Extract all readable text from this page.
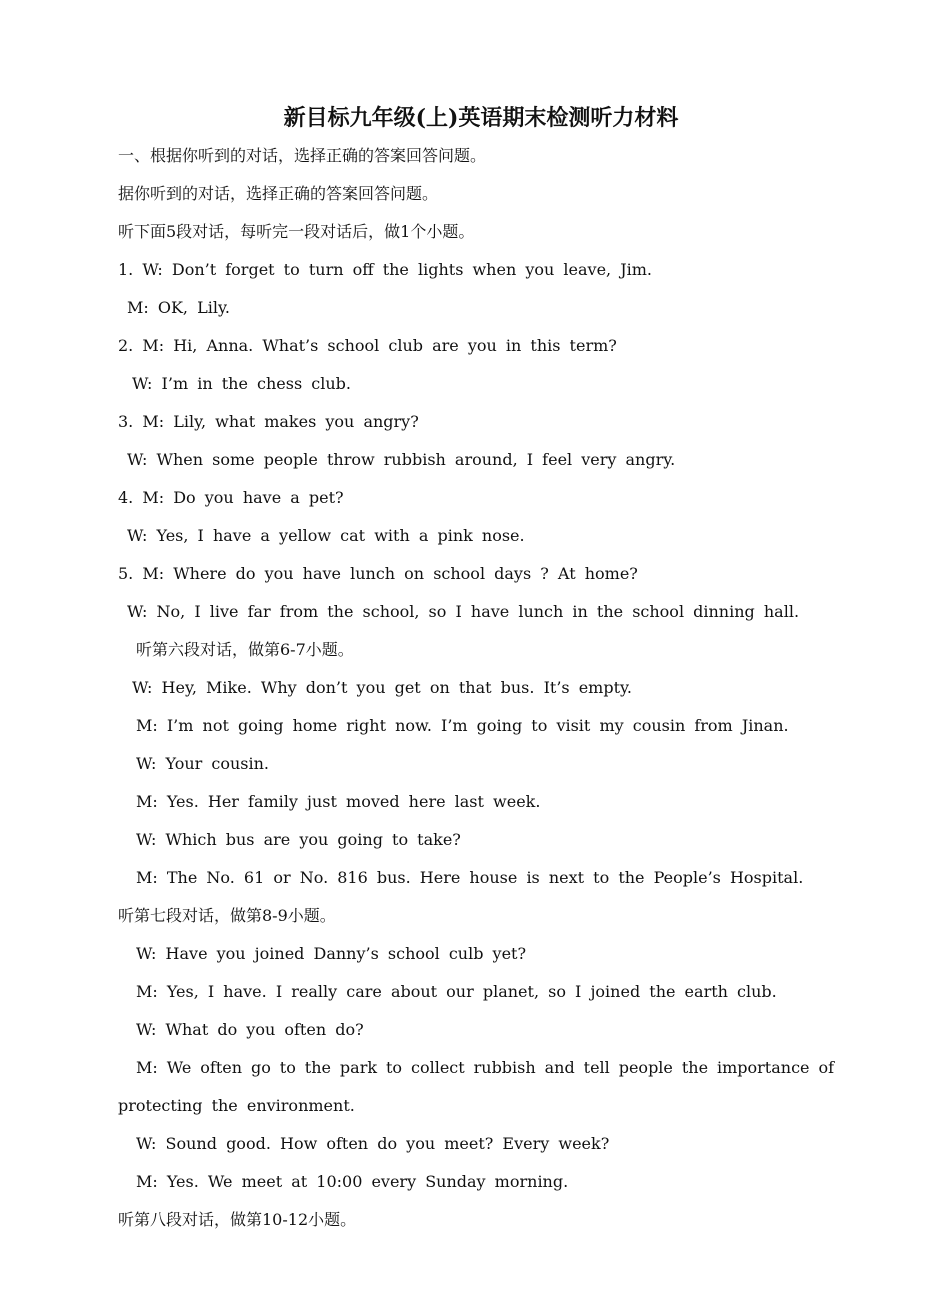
新目标九年级(上)英语期末检测听力材料
一、根据你听到的对话，选择正确的答案回答问题。
据你听到的对话，选择正确的答案回答问题。
听下面5段对话，每听完一段对话后，做1个小题。
1. W: Don’t forget to turn off the lights when you leave, Jim.
M: OK, Lily.
2. M: Hi, Anna. What’s school club are you in this term?
W: I’m in the chess club.
3. M: Lily, what makes you angry?
W: When some people throw rubbish around, I feel very angry.
4. M: Do you have a pet?
W: Yes, I have a yellow cat with a pink nose.
5. M: Where do you have lunch on school days ? At home?
W: No, I live far from the school, so I have lunch in the school dinning hall.
听第六段对话，做第6-7小题。
W: Hey, Mike. Why don’t you get on that bus. It’s empty.
M: I’m not going home right now. I’m going to visit my cousin from Jinan.
W: Your cousin.
M: Yes. Her family just moved here last week.
W: Which bus are you going to take?
M: The No. 61 or No. 816 bus. Here house is next to the People’s Hospital.
听第七段对话，做第8-9小题。
W: Have you joined Danny’s school culb yet?
M: Yes, I have. I really care about our planet, so I joined the earth club.
W: What do you often do?
M: We often go to the park to collect rubbish and tell people the importance of
protecting the environment.
W: Sound good. How often do you meet? Every week?
M: Yes. We meet at 10:00 every Sunday morning.
听第八段对话，做第10-12小题。
